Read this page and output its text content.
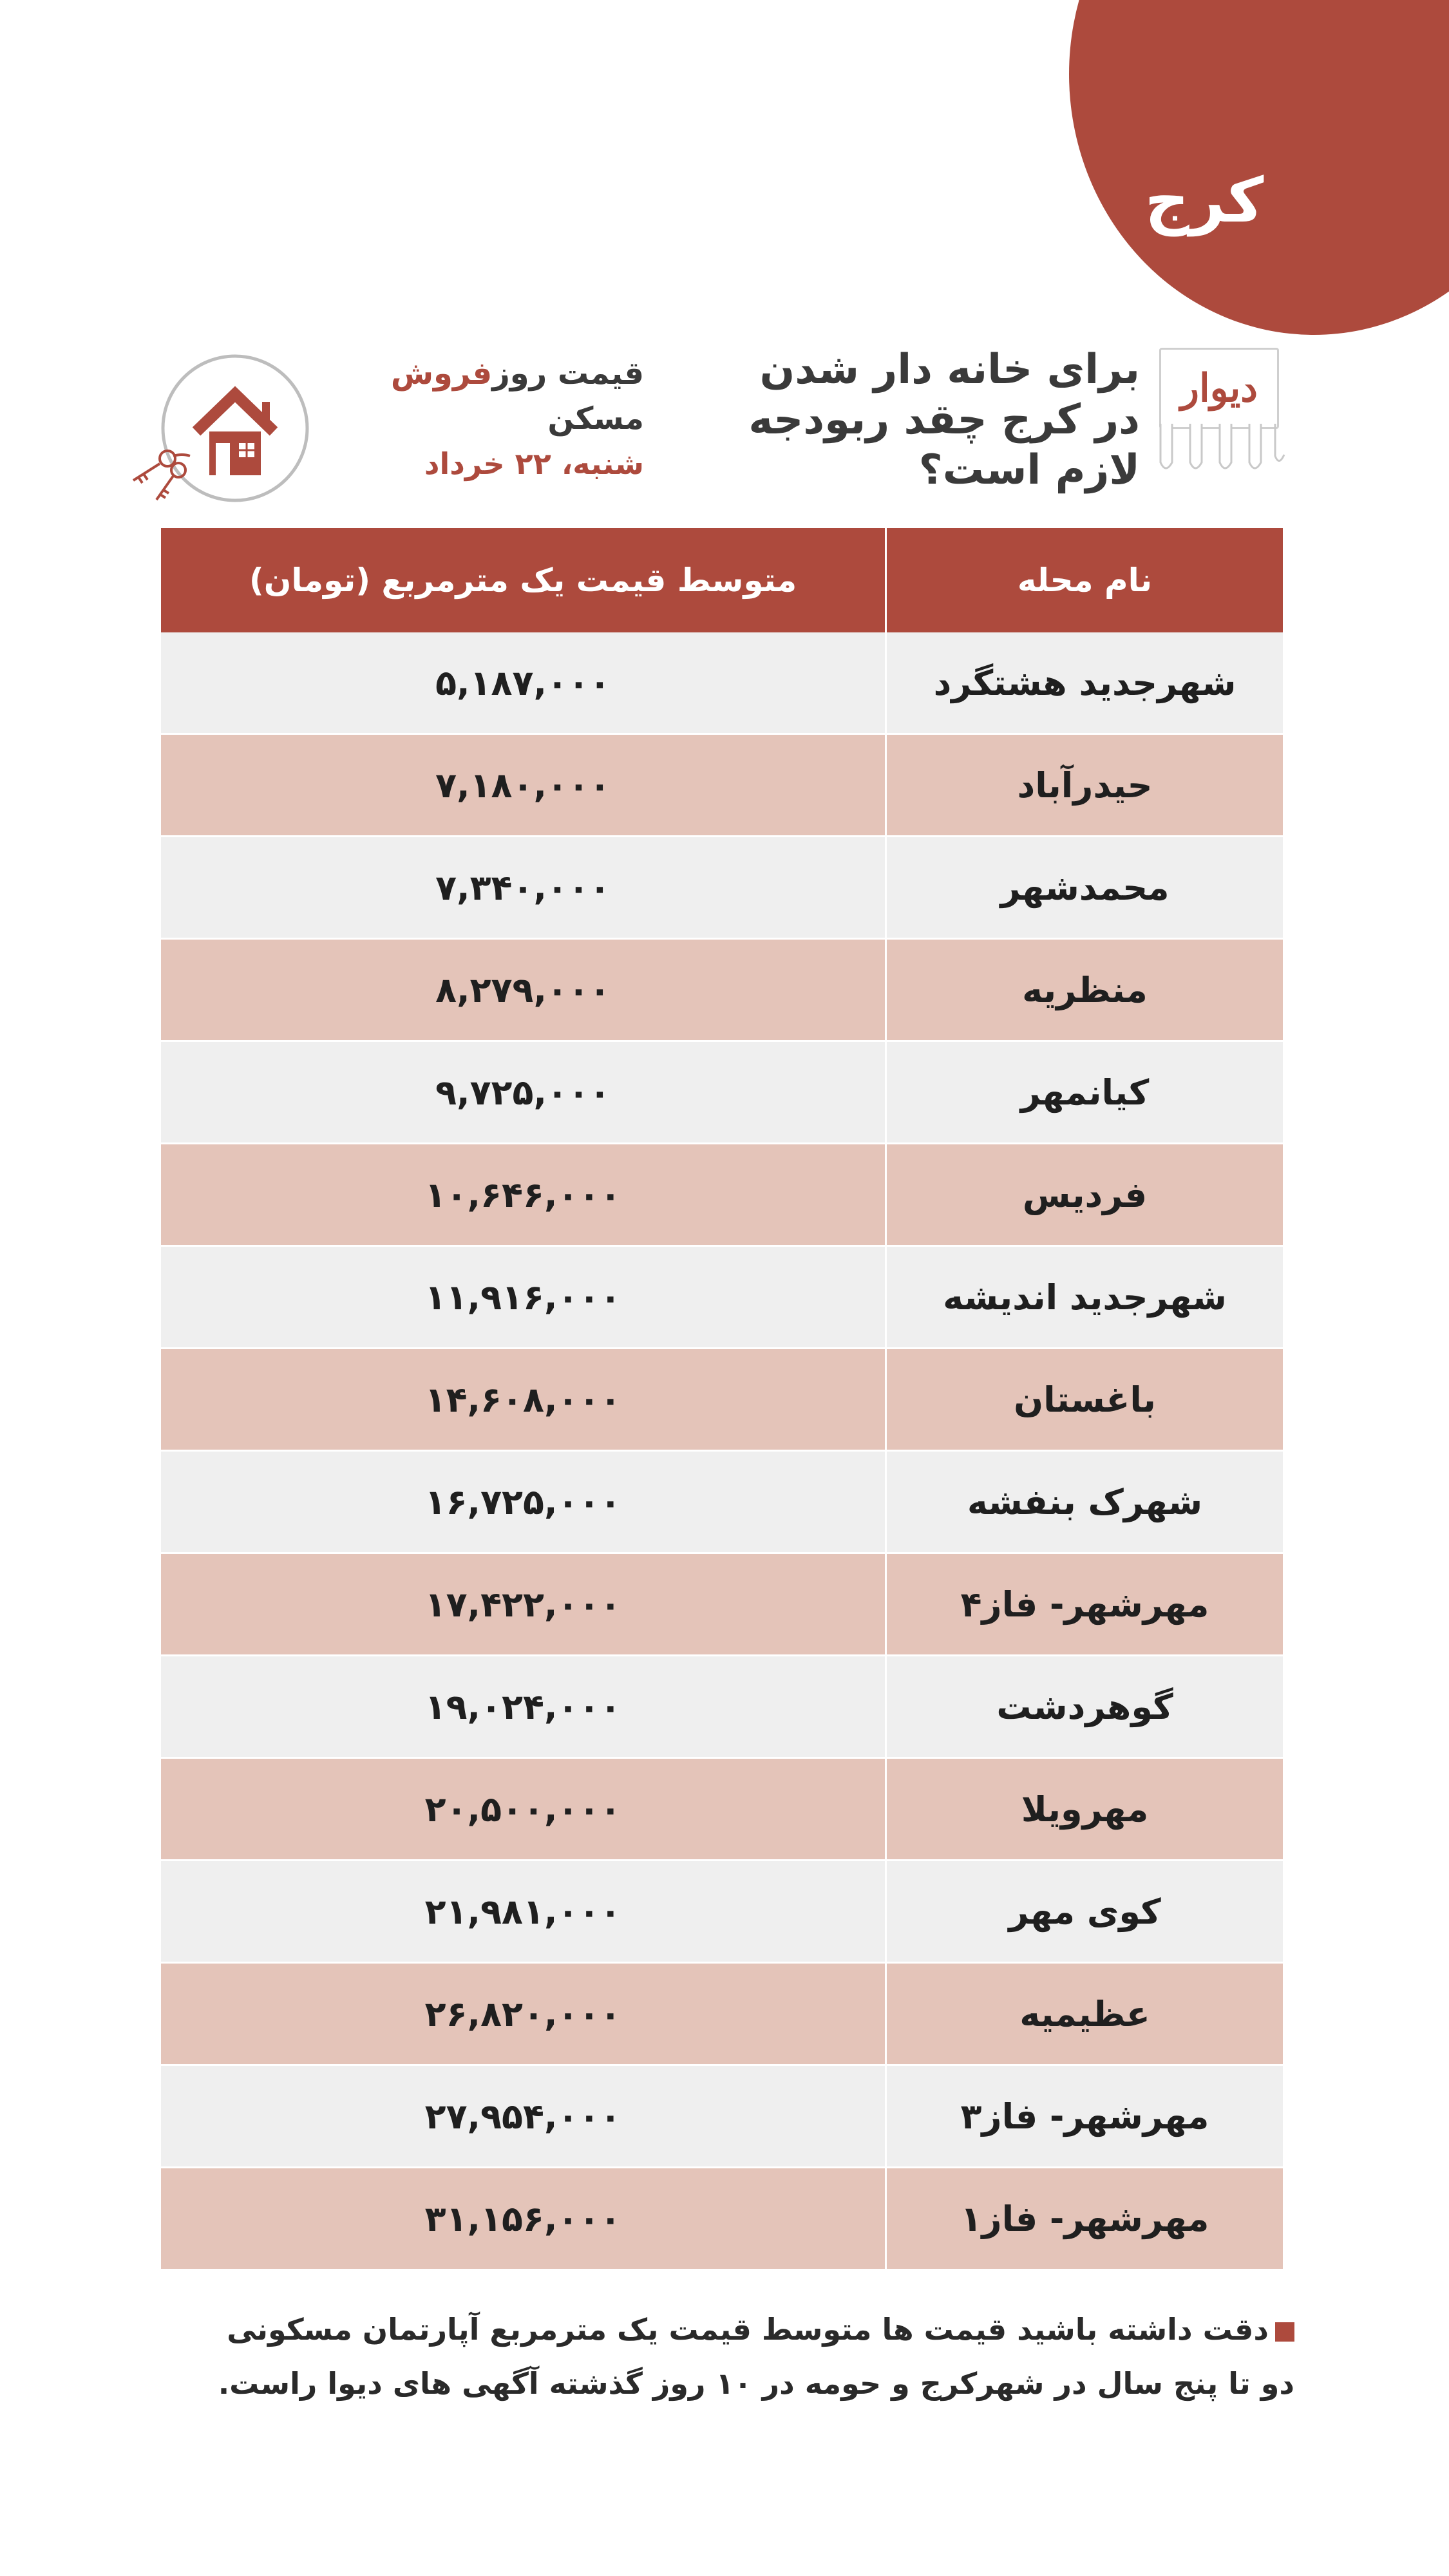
کرج
دیوار
برای خانه دار شدن در کرج چقد ربودجه لازم است؟
قیمت روزفروش مسکن
شنبه، ۲۲ خرداد
نام محله
متوسط قیمت یک مترمربع (تومان)
شهرجدید هشتگرد
۵,۱۸۷,۰۰۰
حیدرآباد
۷,۱۸۰,۰۰۰
محمدشهر
۷,۳۴۰,۰۰۰
منظریه
۸,۲۷۹,۰۰۰
کیانمهر
۹,۷۲۵,۰۰۰
فردیس
۱۰,۶۴۶,۰۰۰
شهرجدید اندیشه
۱۱,۹۱۶,۰۰۰
باغستان
۱۴,۶۰۸,۰۰۰
شهرک بنفشه
۱۶,۷۲۵,۰۰۰
مهرشهر- فاز۴
۱۷,۴۲۲,۰۰۰
گوهردشت
۱۹,۰۲۴,۰۰۰
مهرویلا
۲۰,۵۰۰,۰۰۰
کوی مهر
۲۱,۹۸۱,۰۰۰
عظیمیه
۲۶,۸۲۰,۰۰۰
مهرشهر- فاز۳
۲۷,۹۵۴,۰۰۰
مهرشهر- فاز۱
۳۱,۱۵۶,۰۰۰
دقت داشته باشید قیمت ها متوسط قیمت یک مترمربع آپارتمان مسکونی دو تا پنج سال در شهرکرج و حومه در ۱۰ روز گذشته آگهی های دیوا راست.
